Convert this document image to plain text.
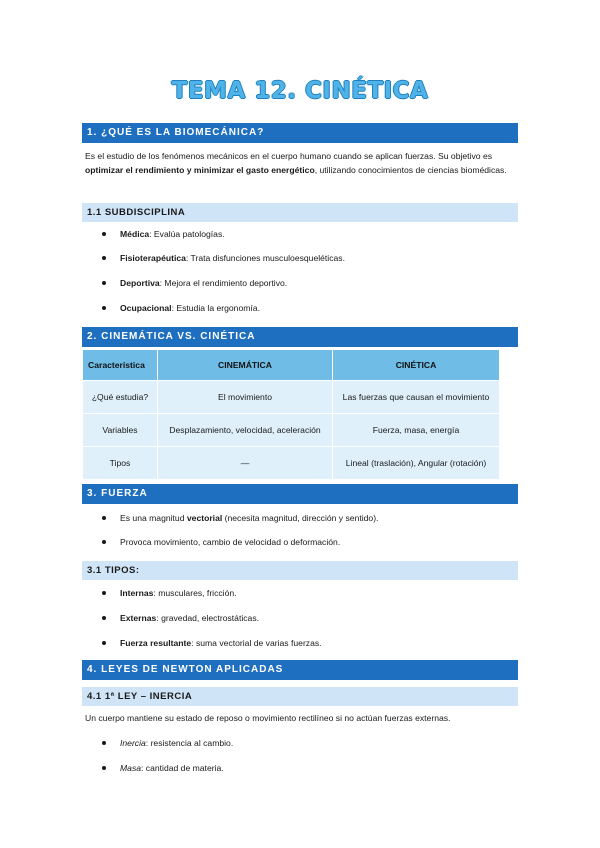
TEMA 12. CINÉTICA
1. ¿QUÉ ES LA BIOMECÁNICA?
Es el estudio de los fenómenos mecánicos en el cuerpo humano cuando se aplican fuerzas. Su objetivo es optimizar el rendimiento y minimizar el gasto energético, utilizando conocimientos de ciencias biomédicas.
1.1 SUBDISCIPLINA
Médica: Evalúa patologías.
Fisioterapéutica: Trata disfunciones musculoesqueléticas.
Deportiva: Mejora el rendimiento deportivo.
Ocupacional: Estudia la ergonomía.
2. CINEMÁTICA VS. CINÉTICA
Característica	CINEMÁTICA	CINÉTICA
¿Qué estudia?	El movimiento	Las fuerzas que causan el movimiento
Variables	Desplazamiento, velocidad, aceleración	Fuerza, masa, energía
Tipos	—	Lineal (traslación), Angular (rotación)
3. FUERZA
Es una magnitud vectorial (necesita magnitud, dirección y sentido).
Provoca movimiento, cambio de velocidad o deformación.
3.1 TIPOS:
Internas: musculares, fricción.
Externas: gravedad, electrostáticas.
Fuerza resultante: suma vectorial de varias fuerzas.
4. LEYES DE NEWTON APLICADAS
4.1 1ª LEY – INERCIA
Un cuerpo mantiene su estado de reposo o movimiento rectilíneo si no actúan fuerzas externas.
Inercia: resistencia al cambio.
Masa: cantidad de materia.
